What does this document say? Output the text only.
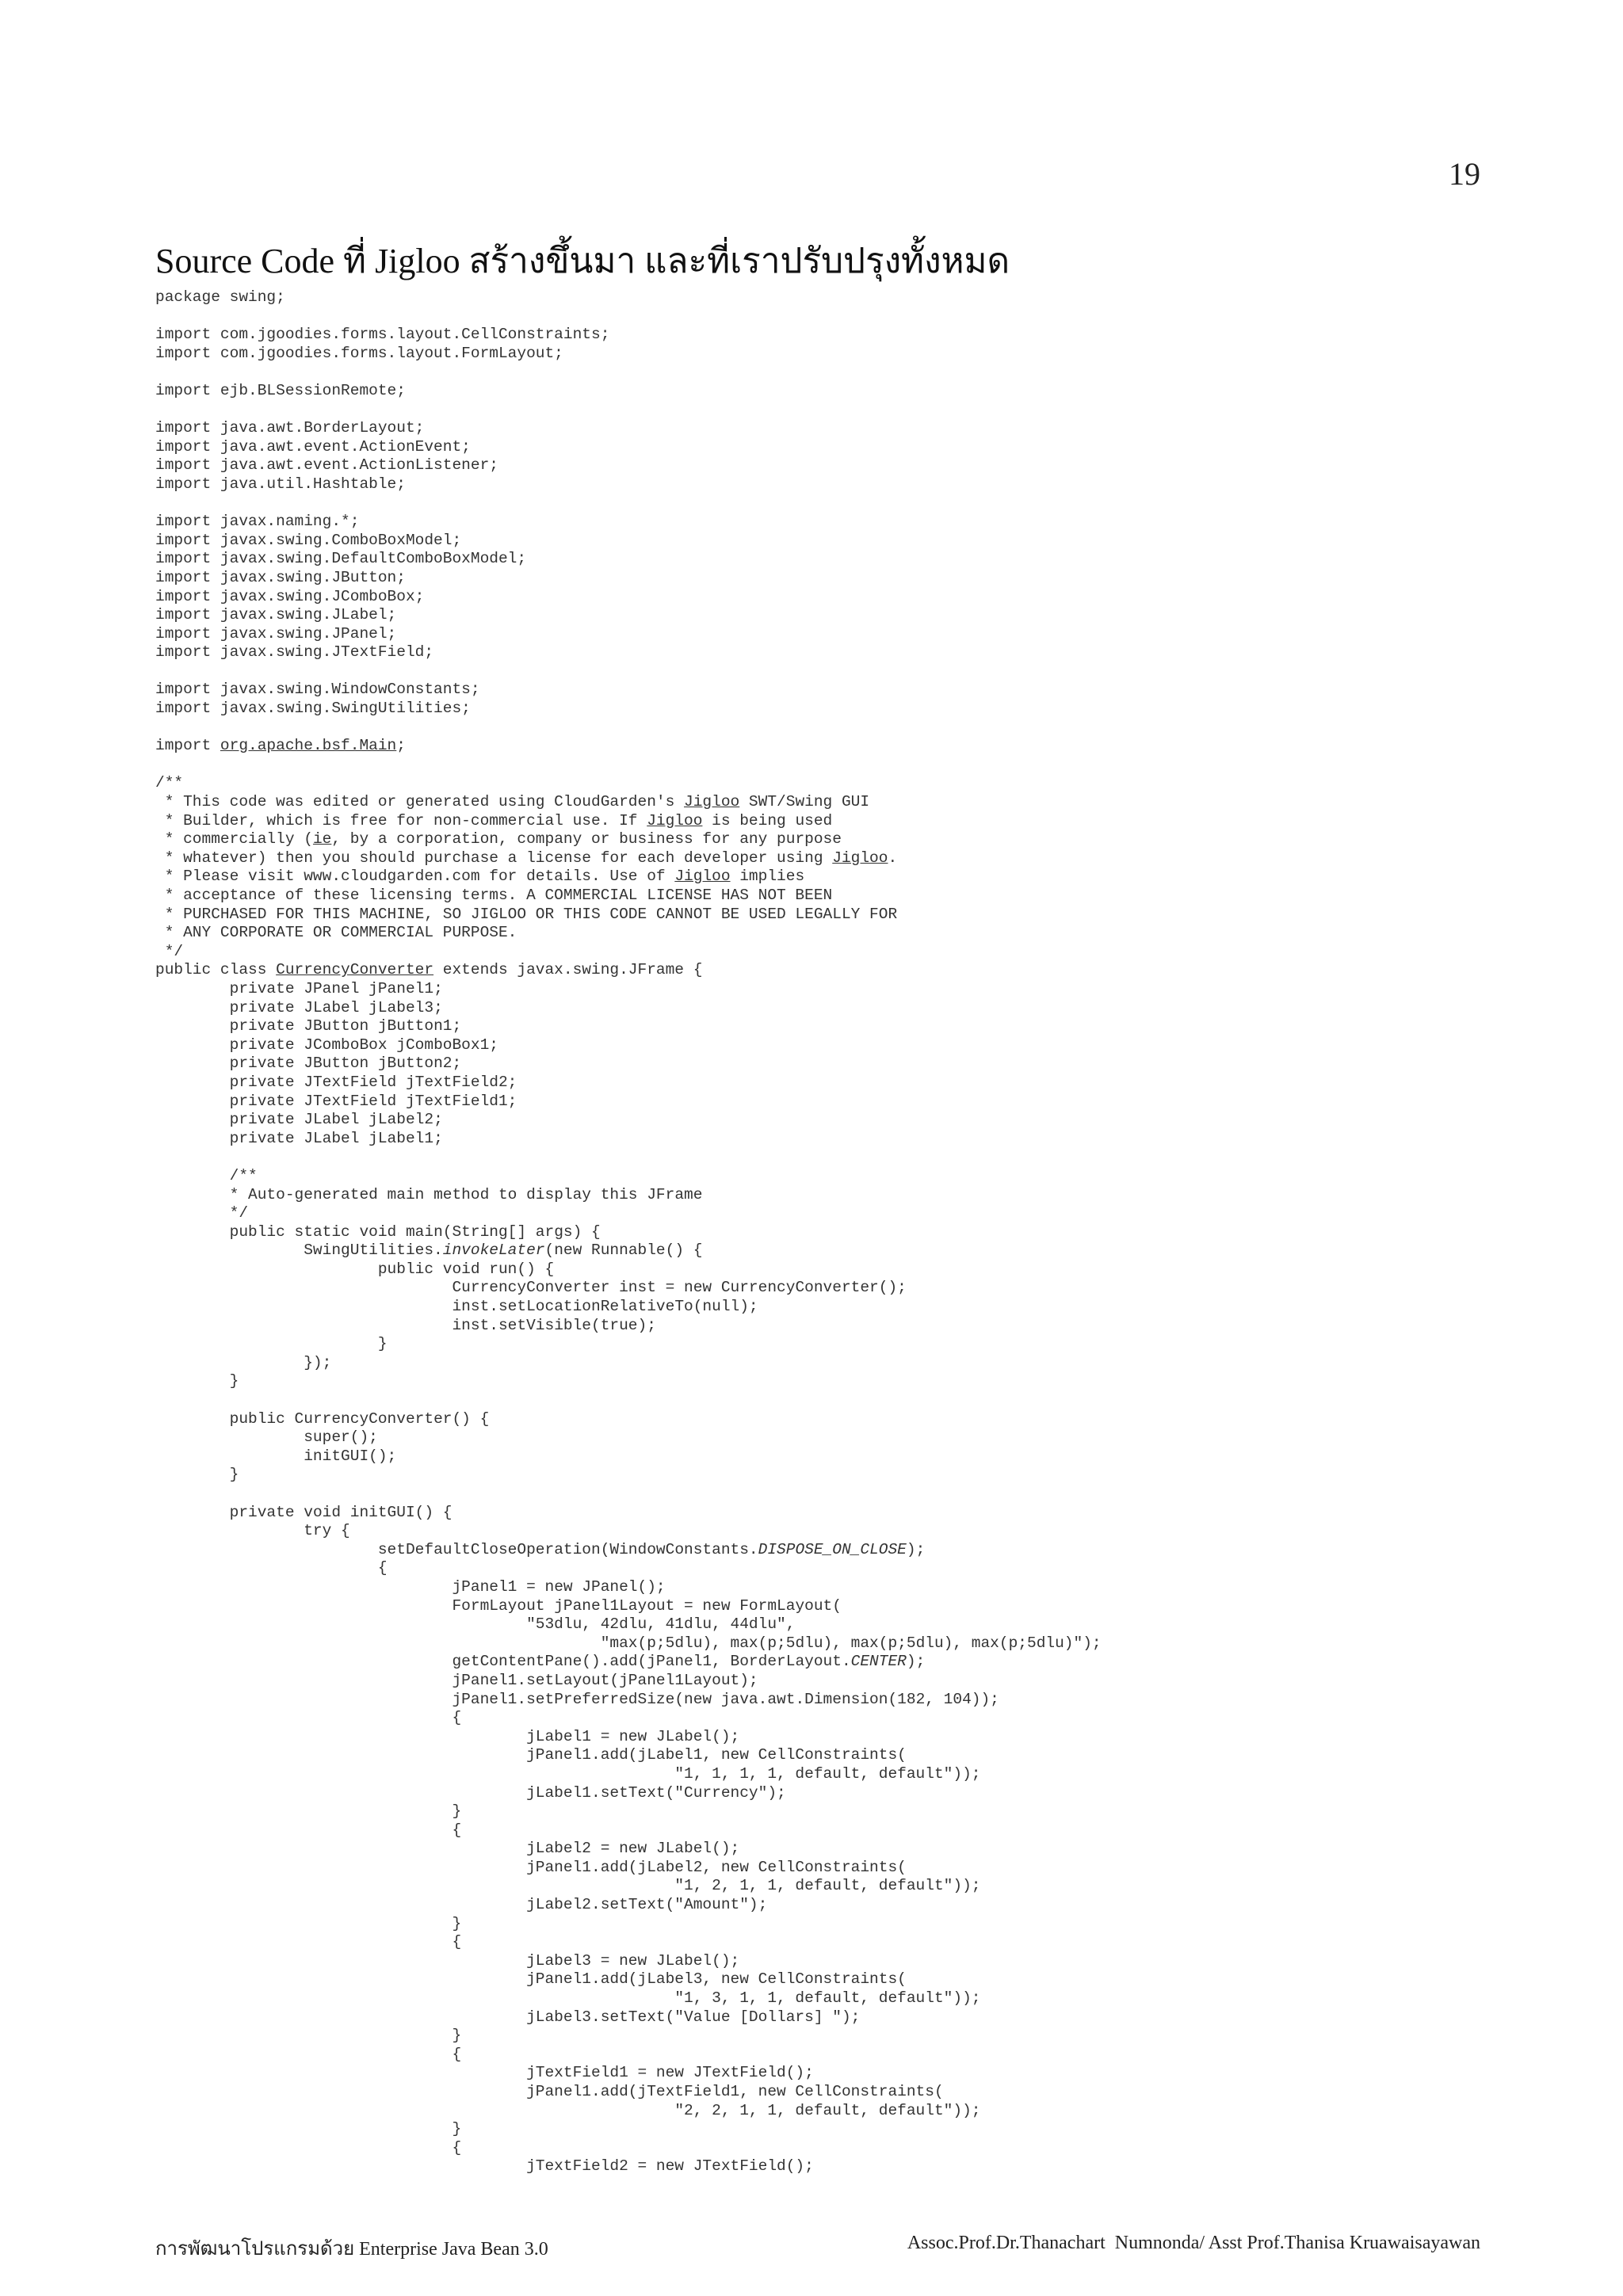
19
Source Code ที่ Jigloo สร้างขึ้นมา และที่เราปรับปรุงทั้งหมด
package swing;
import com.jgoodies.forms.layout.CellConstraints;
import com.jgoodies.forms.layout.FormLayout;
import ejb.BLSessionRemote;
import java.awt.BorderLayout;
import java.awt.event.ActionEvent;
import java.awt.event.ActionListener;
import java.util.Hashtable;
import javax.naming.*;
import javax.swing.ComboBoxModel;
import javax.swing.DefaultComboBoxModel;
import javax.swing.JButton;
import javax.swing.JComboBox;
import javax.swing.JLabel;
import javax.swing.JPanel;
import javax.swing.JTextField;
import javax.swing.WindowConstants;
import javax.swing.SwingUtilities;
import org.apache.bsf.Main;
/**
* This code was edited or generated using CloudGarden's Jigloo SWT/Swing GUI
* Builder, which is free for non-commercial use. If Jigloo is being used
* commercially (ie, by a corporation, company or business for any purpose
* whatever) then you should purchase a license for each developer using Jigloo.
* Please visit www.cloudgarden.com for details. Use of Jigloo implies
* acceptance of these licensing terms. A COMMERCIAL LICENSE HAS NOT BEEN
* PURCHASED FOR THIS MACHINE, SO JIGLOO OR THIS CODE CANNOT BE USED LEGALLY FOR
* ANY CORPORATE OR COMMERCIAL PURPOSE.
*/
public class CurrencyConverter extends javax.swing.JFrame {
	private JPanel jPanel1;
	private JLabel jLabel3;
	private JButton jButton1;
	private JComboBox jComboBox1;
	private JButton jButton2;
	private JTextField jTextField2;
	private JTextField jTextField1;
	private JLabel jLabel2;
	private JLabel jLabel1;
	/**
	* Auto-generated main method to display this JFrame
	*/
	public static void main(String[] args) {
		SwingUtilities.invokeLater(new Runnable() {
			public void run() {
				CurrencyConverter inst = new CurrencyConverter();
				inst.setLocationRelativeTo(null);
				inst.setVisible(true);
			}
		});
	}
	public CurrencyConverter() {
		super();
		initGUI();
	}
	private void initGUI() {
		try {
			setDefaultCloseOperation(WindowConstants.DISPOSE_ON_CLOSE);
			{
				jPanel1 = new JPanel();
				FormLayout jPanel1Layout = new FormLayout(
					"53dlu, 42dlu, 41dlu, 44dlu",
						"max(p;5dlu), max(p;5dlu), max(p;5dlu), max(p;5dlu)");
				getContentPane().add(jPanel1, BorderLayout.CENTER);
				jPanel1.setLayout(jPanel1Layout);
				jPanel1.setPreferredSize(new java.awt.Dimension(182, 104));
				{
					jLabel1 = new JLabel();
					jPanel1.add(jLabel1, new CellConstraints(
							"1, 1, 1, 1, default, default"));
					jLabel1.setText("Currency");
				}
				{
					jLabel2 = new JLabel();
					jPanel1.add(jLabel2, new CellConstraints(
							"1, 2, 1, 1, default, default"));
					jLabel2.setText("Amount");
				}
				{
					jLabel3 = new JLabel();
					jPanel1.add(jLabel3, new CellConstraints(
							"1, 3, 1, 1, default, default"));
					jLabel3.setText("Value [Dollars] ");
				}
				{
					jTextField1 = new JTextField();
					jPanel1.add(jTextField1, new CellConstraints(
							"2, 2, 1, 1, default, default"));
				}
				{
					jTextField2 = new JTextField();
การพัฒนาโปรแกรมด้วย Enterprise Java Bean 3.0	Assoc.Prof.Dr.Thanachart  Numnonda/ Asst Prof.Thanisa Kruawaisayawan
